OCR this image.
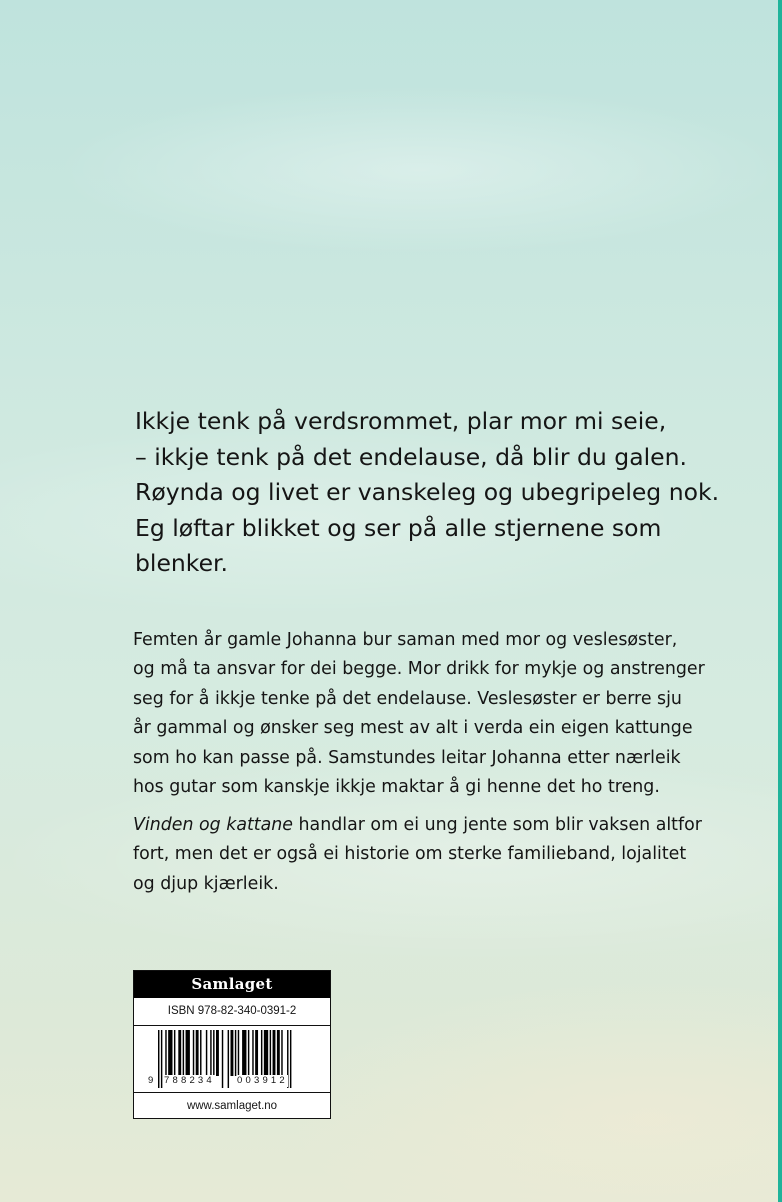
Ikkje tenk på verdsrommet, plar mor mi seie,
– ikkje tenk på det endelause, då blir du galen.
Røynda og livet er vanskeleg og ubegripeleg nok.
Eg løftar blikket og ser på alle stjernene som
blenker.

Femten år gamle Johanna bur saman med mor og veslesøster,
og må ta ansvar for dei begge. Mor drikk for mykje og anstrenger
seg for å ikkje tenke på det endelause. Veslesøster er berre sju
år gammal og ønsker seg mest av alt i verda ein eigen kattunge
som ho kan passe på. Samstundes leitar Johanna etter nærleik
hos gutar som kanskje ikkje maktar å gi henne det ho treng.

Vinden og kattane handlar om ei ung jente som blir vaksen altfor
fort, men det er også ei historie om sterke familieband, lojalitet
og djup kjærleik.

Samlaget
ISBN 978-82-340-0391-2
9 788234 003912
www.samlaget.no
